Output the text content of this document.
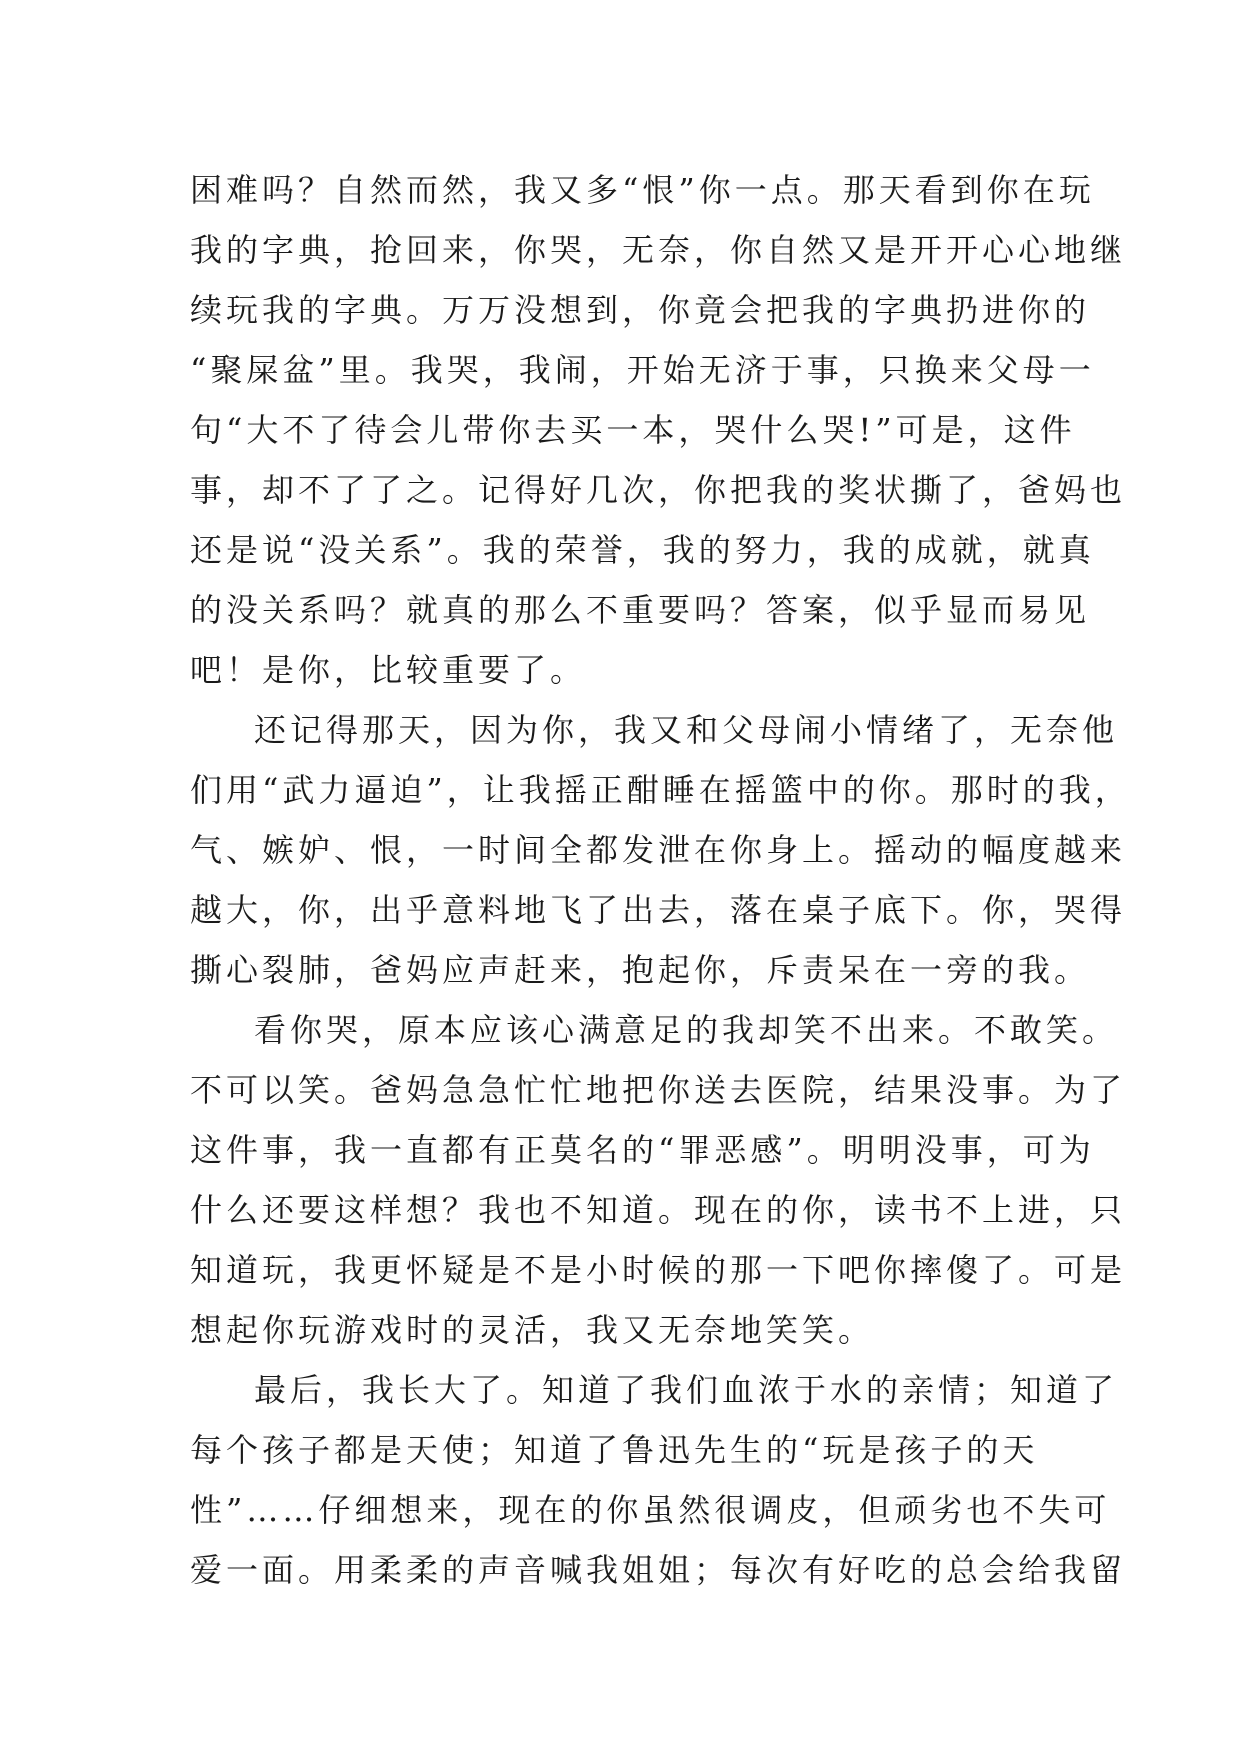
困难吗？自然而然，我又多“恨”你一点。那天看到你在玩
我的字典，抢回来，你哭，无奈，你自然又是开开心心地继
续玩我的字典。万万没想到，你竟会把我的字典扔进你的
“聚屎盆”里。我哭，我闹，开始无济于事，只换来父母一
句“大不了待会儿带你去买一本，哭什么哭!”可是，这件
事，却不了了之。记得好几次，你把我的奖状撕了，爸妈也
还是说“没关系”。我的荣誉，我的努力，我的成就，就真
的没关系吗？就真的那么不重要吗？答案，似乎显而易见
吧！是你，比较重要了。
还记得那天，因为你，我又和父母闹小情绪了，无奈他
们用“武力逼迫”，让我摇正酣睡在摇篮中的你。那时的我，
气、嫉妒、恨，一时间全都发泄在你身上。摇动的幅度越来
越大，你，出乎意料地飞了出去，落在桌子底下。你，哭得
撕心裂肺，爸妈应声赶来，抱起你，斥责呆在一旁的我。
看你哭，原本应该心满意足的我却笑不出来。不敢笑。
不可以笑。爸妈急急忙忙地把你送去医院，结果没事。为了
这件事，我一直都有正莫名的“罪恶感”。明明没事，可为
什么还要这样想？我也不知道。现在的你，读书不上进，只
知道玩，我更怀疑是不是小时候的那一下吧你摔傻了。可是
想起你玩游戏时的灵活，我又无奈地笑笑。
最后，我长大了。知道了我们血浓于水的亲情；知道了
每个孩子都是天使；知道了鲁迅先生的“玩是孩子的天
性”……仔细想来，现在的你虽然很调皮，但顽劣也不失可
爱一面。用柔柔的声音喊我姐姐；每次有好吃的总会给我留
